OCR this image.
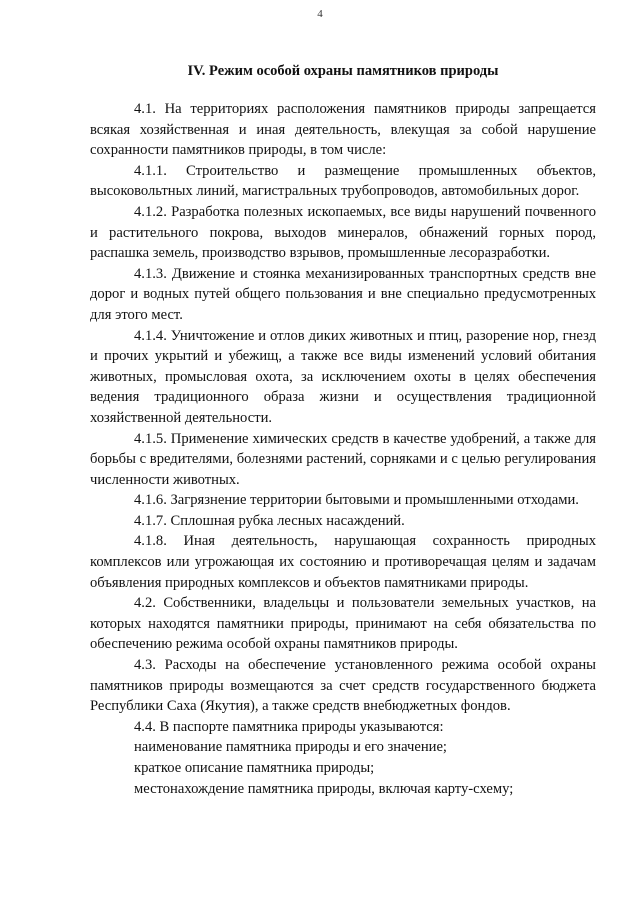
4
IV. Режим особой охраны памятников природы

4.1. На территориях расположения памятников природы запрещается всякая хозяйственная и иная деятельность, влекущая за собой нарушение сохранности памятников природы, в том числе:

4.1.1. Строительство и размещение промышленных объектов, высоковольтных линий, магистральных трубопроводов, автомобильных дорог.

4.1.2. Разработка полезных ископаемых, все виды нарушений почвенного и растительного покрова, выходов минералов, обнажений горных пород, распашка земель, производство взрывов, промышленные лесоразработки.

4.1.3. Движение и стоянка механизированных транспортных средств вне дорог и водных путей общего пользования и вне специально предусмотренных для этого мест.

4.1.4. Уничтожение и отлов диких животных и птиц, разорение нор, гнезд и прочих укрытий и убежищ, а также все виды изменений условий обитания животных, промысловая охота, за исключением охоты в целях обеспечения ведения традиционного образа жизни и осуществления традиционной хозяйственной деятельности.

4.1.5. Применение химических средств в качестве удобрений, а также для борьбы с вредителями, болезнями растений, сорняками и с целью регулирования численности животных.

4.1.6. Загрязнение территории бытовыми и промышленными отходами.

4.1.7. Сплошная рубка лесных насаждений.

4.1.8. Иная деятельность, нарушающая сохранность природных комплексов или угрожающая их состоянию и противоречащая целям и задачам объявления природных комплексов и объектов памятниками природы.

4.2. Собственники, владельцы и пользователи земельных участков, на которых находятся памятники природы, принимают на себя обязательства по обеспечению режима особой охраны памятников природы.

4.3. Расходы на обеспечение установленного режима особой охраны памятников природы возмещаются за счет средств государственного бюджета Республики Саха (Якутия), а также средств внебюджетных фондов.

4.4. В паспорте памятника природы указываются:

наименование памятника природы и его значение;

краткое описание памятника природы;

местонахождение памятника природы, включая карту-схему;
